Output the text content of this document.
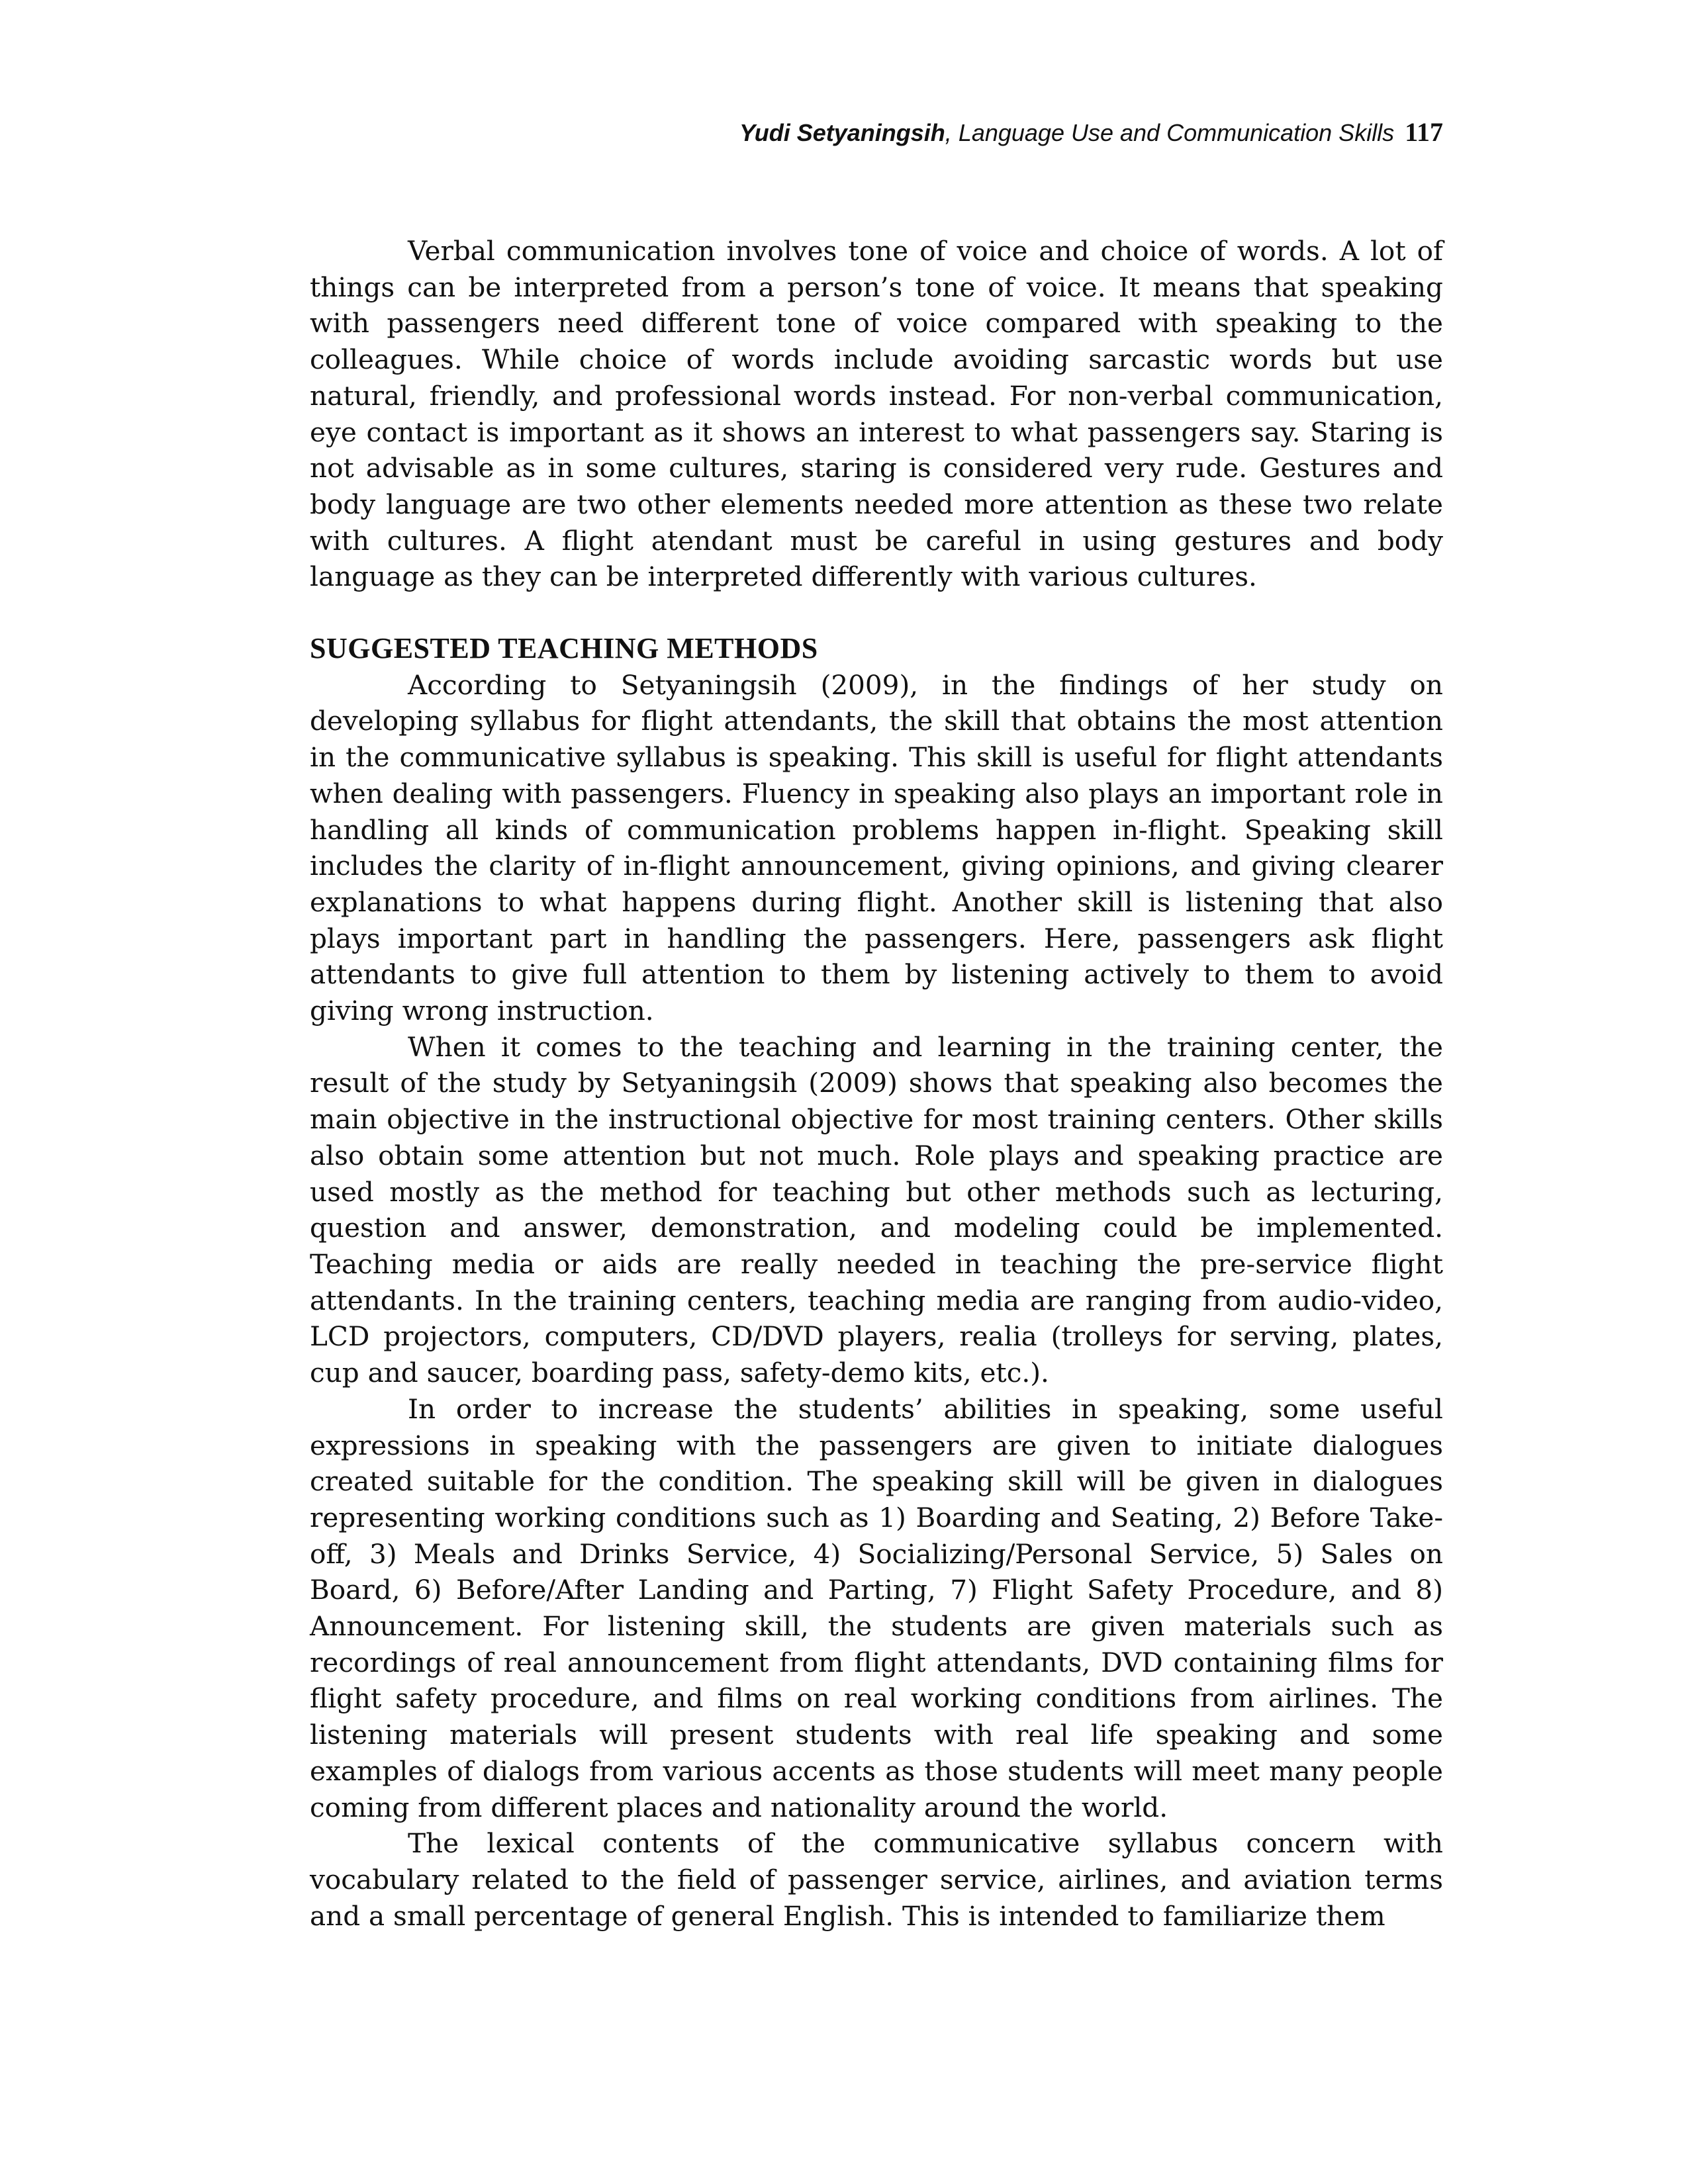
Yudi Setyaningsih, Language Use and Communication Skills 117

Verbal communication involves tone of voice and choice of words. A lot of things can be interpreted from a person’s tone of voice. It means that speaking with passengers need different tone of voice compared with speaking to the colleagues. While choice of words include avoiding sarcastic words but use natural, friendly, and professional words instead. For non-verbal communication, eye contact is important as it shows an interest to what passengers say. Staring is not advisable as in some cultures, staring is considered very rude. Gestures and body language are two other elements needed more attention as these two relate with cultures. A flight atendant must be careful in using gestures and body language as they can be interpreted differently with various cultures.

SUGGESTED TEACHING METHODS

According to Setyaningsih (2009), in the findings of her study on developing syllabus for flight attendants, the skill that obtains the most attention in the communicative syllabus is speaking. This skill is useful for flight attendants when dealing with passengers. Fluency in speaking also plays an important role in handling all kinds of communication problems happen in-flight. Speaking skill includes the clarity of in-flight announcement, giving opinions, and giving clearer explanations to what happens during flight. Another skill is listening that also plays important part in handling the passengers. Here, passengers ask flight attendants to give full attention to them by listening actively to them to avoid giving wrong instruction.

When it comes to the teaching and learning in the training center, the result of the study by Setyaningsih (2009) shows that speaking also becomes the main objective in the instructional objective for most training centers. Other skills also obtain some attention but not much. Role plays and speaking practice are used mostly as the method for teaching but other methods such as lecturing, question and answer, demonstration, and modeling could be implemented. Teaching media or aids are really needed in teaching the pre-service flight attendants. In the training centers, teaching media are ranging from audio-video, LCD projectors, computers, CD/DVD players, realia (trolleys for serving, plates, cup and saucer, boarding pass, safety-demo kits, etc.).

In order to increase the students’ abilities in speaking, some useful expressions in speaking with the passengers are given to initiate dialogues created suitable for the condition. The speaking skill will be given in dialogues representing working conditions such as 1) Boarding and Seating, 2) Before Take-off, 3) Meals and Drinks Service, 4) Socializing/Personal Service, 5) Sales on Board, 6) Before/After Landing and Parting, 7) Flight Safety Procedure, and 8) Announcement. For listening skill, the students are given materials such as recordings of real announcement from flight attendants, DVD containing films for flight safety procedure, and films on real working conditions from airlines. The listening materials will present students with real life speaking and some examples of dialogs from various accents as those students will meet many people coming from different places and nationality around the world.

The lexical contents of the communicative syllabus concern with vocabulary related to the field of passenger service, airlines, and aviation terms and a small percentage of general English. This is intended to familiarize them
